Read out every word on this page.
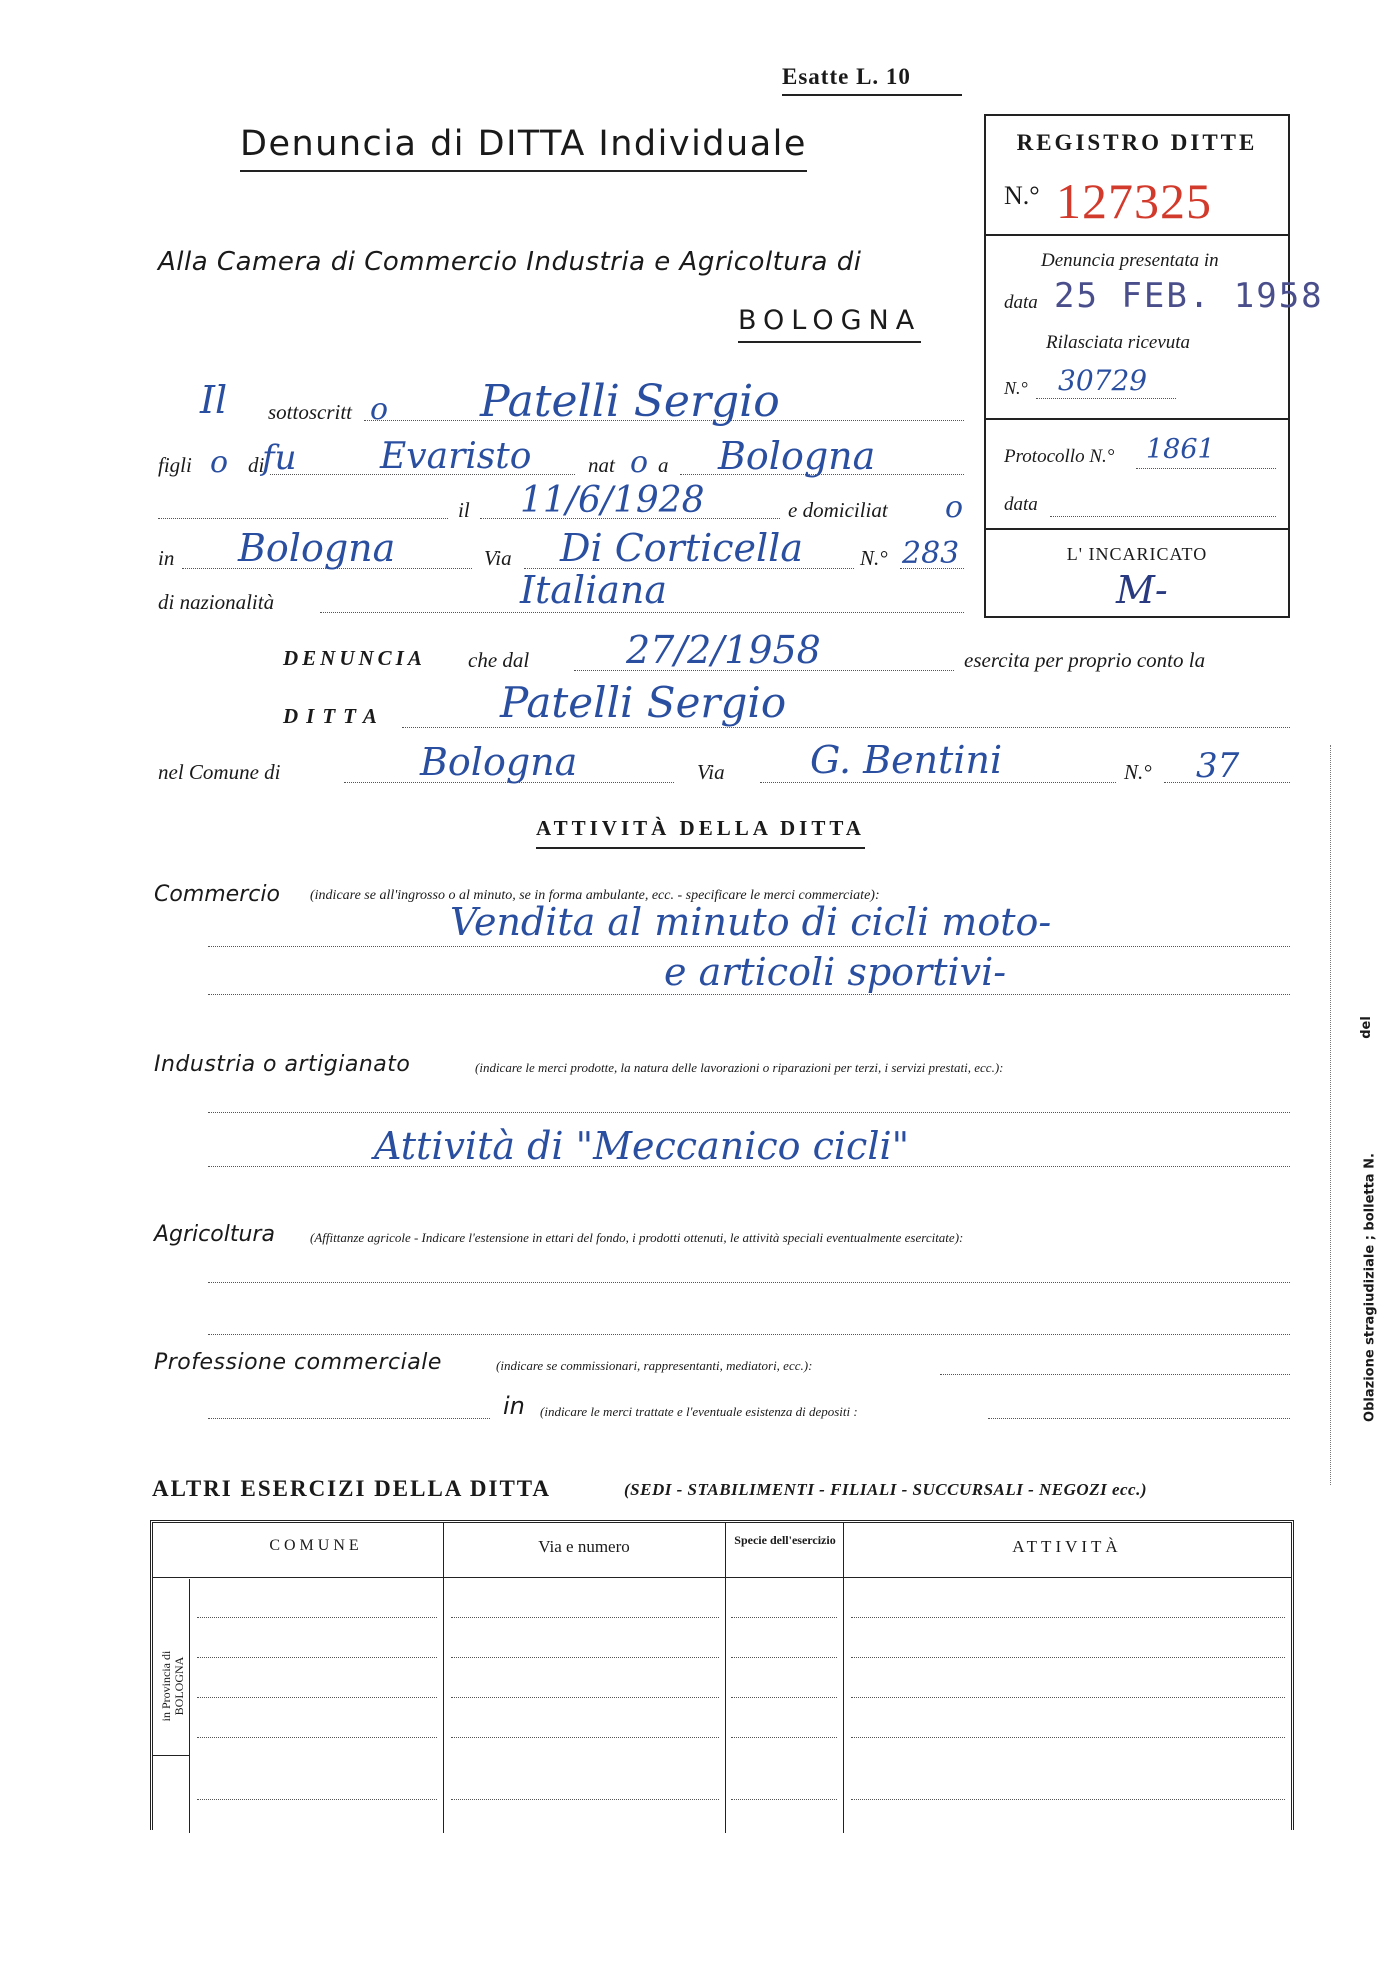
Esatte L. 10
Denuncia di DITTA Individuale
Alla Camera di Commercio Industria e Agricoltura di
BOLOGNA
REGISTRO DITTE
N.° 127325
Denuncia presentata in
data 25 FEB. 1958
Rilasciata ricevuta
N.° 30729
Protocollo N.° 1861
data
L' INCARICATO
M-
Il sottoscritt o Patelli Sergio
figli o di
fu Evaristo	nat o a Bologna
il 11/6/1928	e domiciliat o
in Bologna	Via Di Corticella	N.° 283
di nazionalità	Italiana
DENUNCIA che dal	27/2/1958	esercita per proprio conto la
DITTA	Patelli Sergio
nel Comune di	Bologna	Via G. Bentini	N.° 37
ATTIVITÀ DELLA DITTA
Commercio (indicare se all'ingrosso o al minuto, se in forma ambulante, ecc. - specificare le merci commerciate):
Vendita al minuto di cicli moto-
e articoli sportivi-
Industria o artigianato	(indicare le merci prodotte, la natura delle lavorazioni o riparazioni per terzi, i servizi prestati, ecc.):
Attività di "Meccanico cicli"
Agricoltura	(Affittanze agricole - Indicare l'estensione in ettari del fondo, i prodotti ottenuti, le attività speciali eventualmente esercitate):
Professione commerciale	(indicare se commissionari, rappresentanti, mediatori, ecc.):
in (indicare le merci trattate e l'eventuale esistenza di depositi :
ALTRI ESERCIZI DELLA DITTA	(SEDI - STABILIMENTI - FILIALI - SUCCURSALI - NEGOZI ecc.)
COMUNE	Via e numero	Specie dell'esercizio	ATTIVITÀ
in Provincia di BOLOGNA
Oblazione stragiudiziale ; bolletta N.
del
